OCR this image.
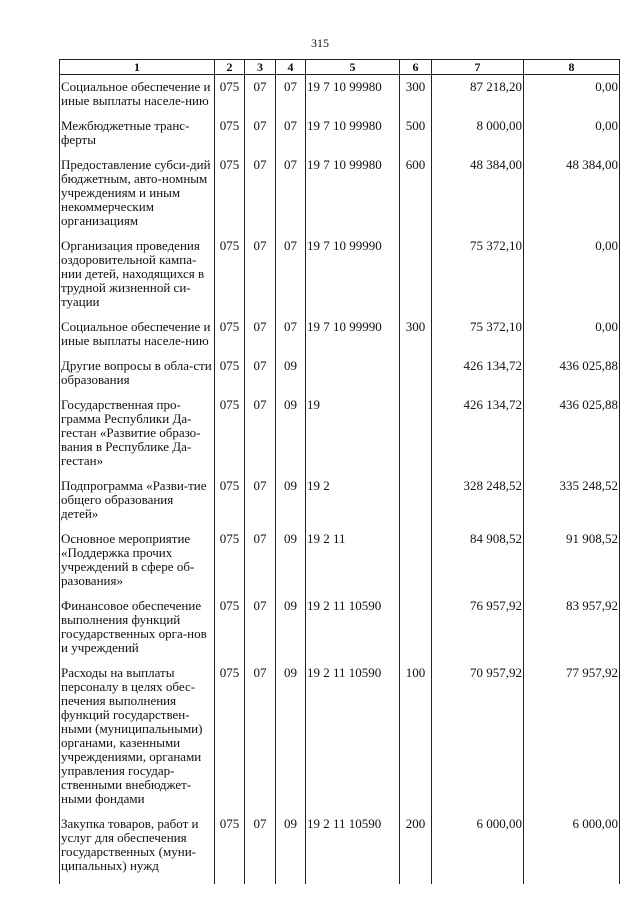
315
1	2	3	4	5	6	7	8
Социальное обеспечение и иные выплаты населе-нию	075	07	07	19 7 10 99980	300	87 218,20	0,00
Межбюджетные транс-ферты	075	07	07	19 7 10 99980	500	8 000,00	0,00
Предоставление субси-дий бюджетным, авто-номным учреждениям и иным некоммерческим организациям	075	07	07	19 7 10 99980	600	48 384,00	48 384,00
Организация проведения оздоровительной кампа-нии детей, находящихся в трудной жизненной си-туации	075	07	07	19 7 10 99990		75 372,10	0,00
Социальное обеспечение и иные выплаты населе-нию	075	07	07	19 7 10 99990	300	75 372,10	0,00
Другие вопросы в обла-сти образования	075	07	09			426 134,72	436 025,88
Государственная про-грамма Республики Да-гестан «Развитие образо-вания в Республике Да-гестан»	075	07	09	19		426 134,72	436 025,88
Подпрограмма «Разви-тие общего образования детей»	075	07	09	19 2		328 248,52	335 248,52
Основное мероприятие «Поддержка прочих учреждений в сфере об-разования»	075	07	09	19 2 11		84 908,52	91 908,52
Финансовое обеспечение выполнения функций государственных орга-нов и учреждений	075	07	09	19 2 11 10590		76 957,92	83 957,92
Расходы на выплаты персоналу в целях обес-печения выполнения функций государствен-ными (муниципальными) органами, казенными учреждениями, органами управления государ-ственными внебюджет-ными фондами	075	07	09	19 2 11 10590	100	70 957,92	77 957,92
Закупка товаров, работ и услуг для обеспечения государственных (муни-ципальных) нужд	075	07	09	19 2 11 10590	200	6 000,00	6 000,00
